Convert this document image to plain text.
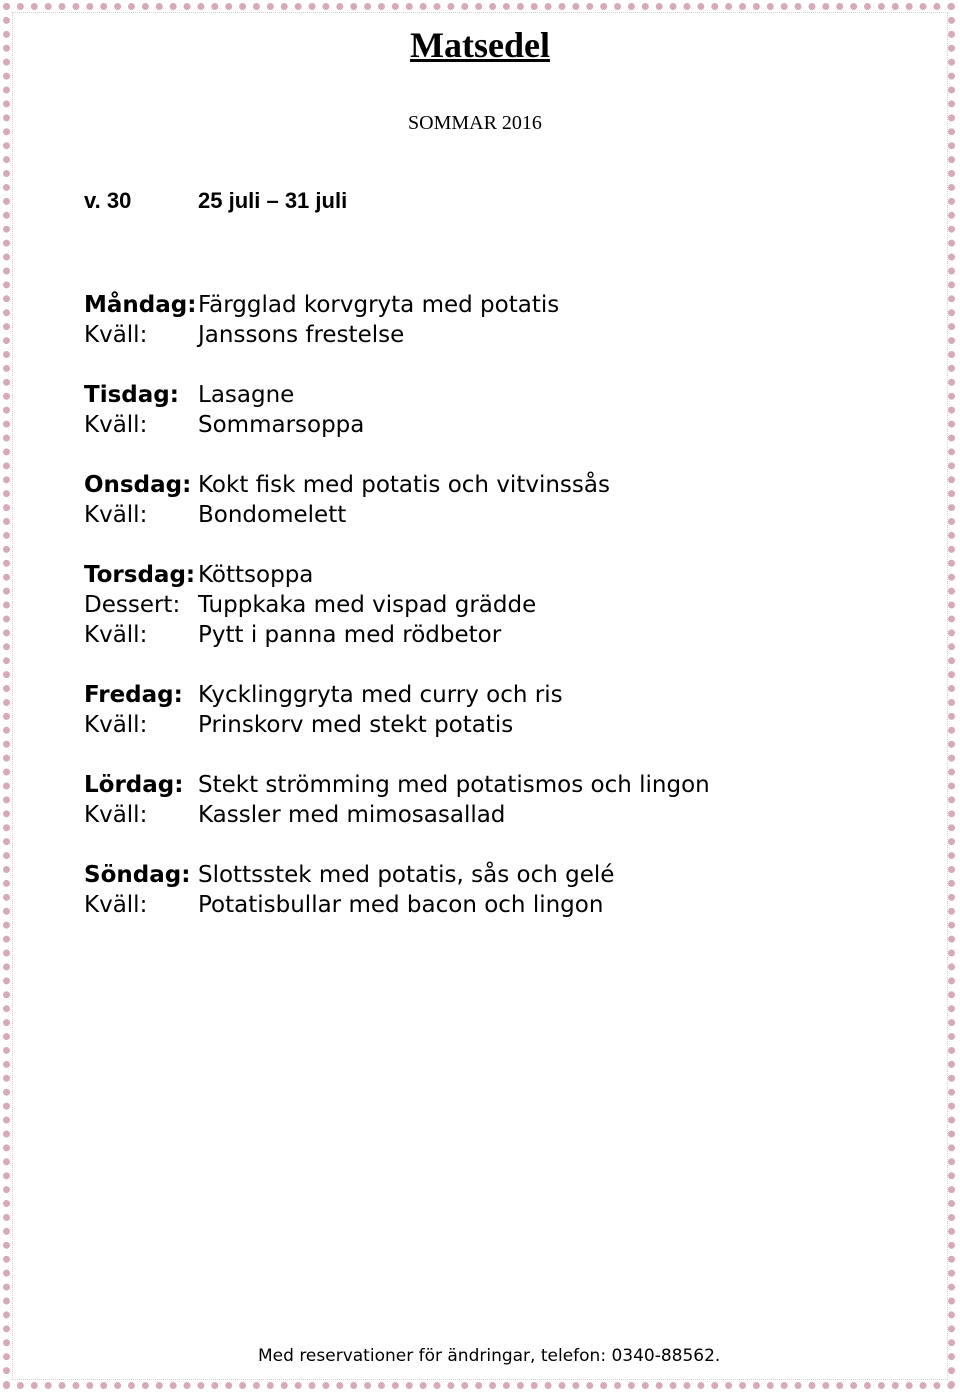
Matsedel
SOMMAR 2016
v. 30	25 juli – 31 juli
Måndag: Färgglad korvgryta med potatis
Kväll:	Janssons frestelse
Tisdag: Lasagne
Kväll:	Sommarsoppa
Onsdag: Kokt fisk med potatis och vitvinssås
Kväll:	Bondomelett
Torsdag: Köttsoppa
Dessert: Tuppkaka med vispad grädde
Kväll:	Pytt i panna med rödbetor
Fredag: Kycklinggryta med curry och ris
Kväll:	Prinskorv med stekt potatis
Lördag: Stekt strömming med potatismos och lingon
Kväll:	Kassler med mimosasallad
Söndag: Slottsstek med potatis, sås och gelé
Kväll:	Potatisbullar med bacon och lingon
Med reservationer för ändringar, telefon: 0340-88562.
